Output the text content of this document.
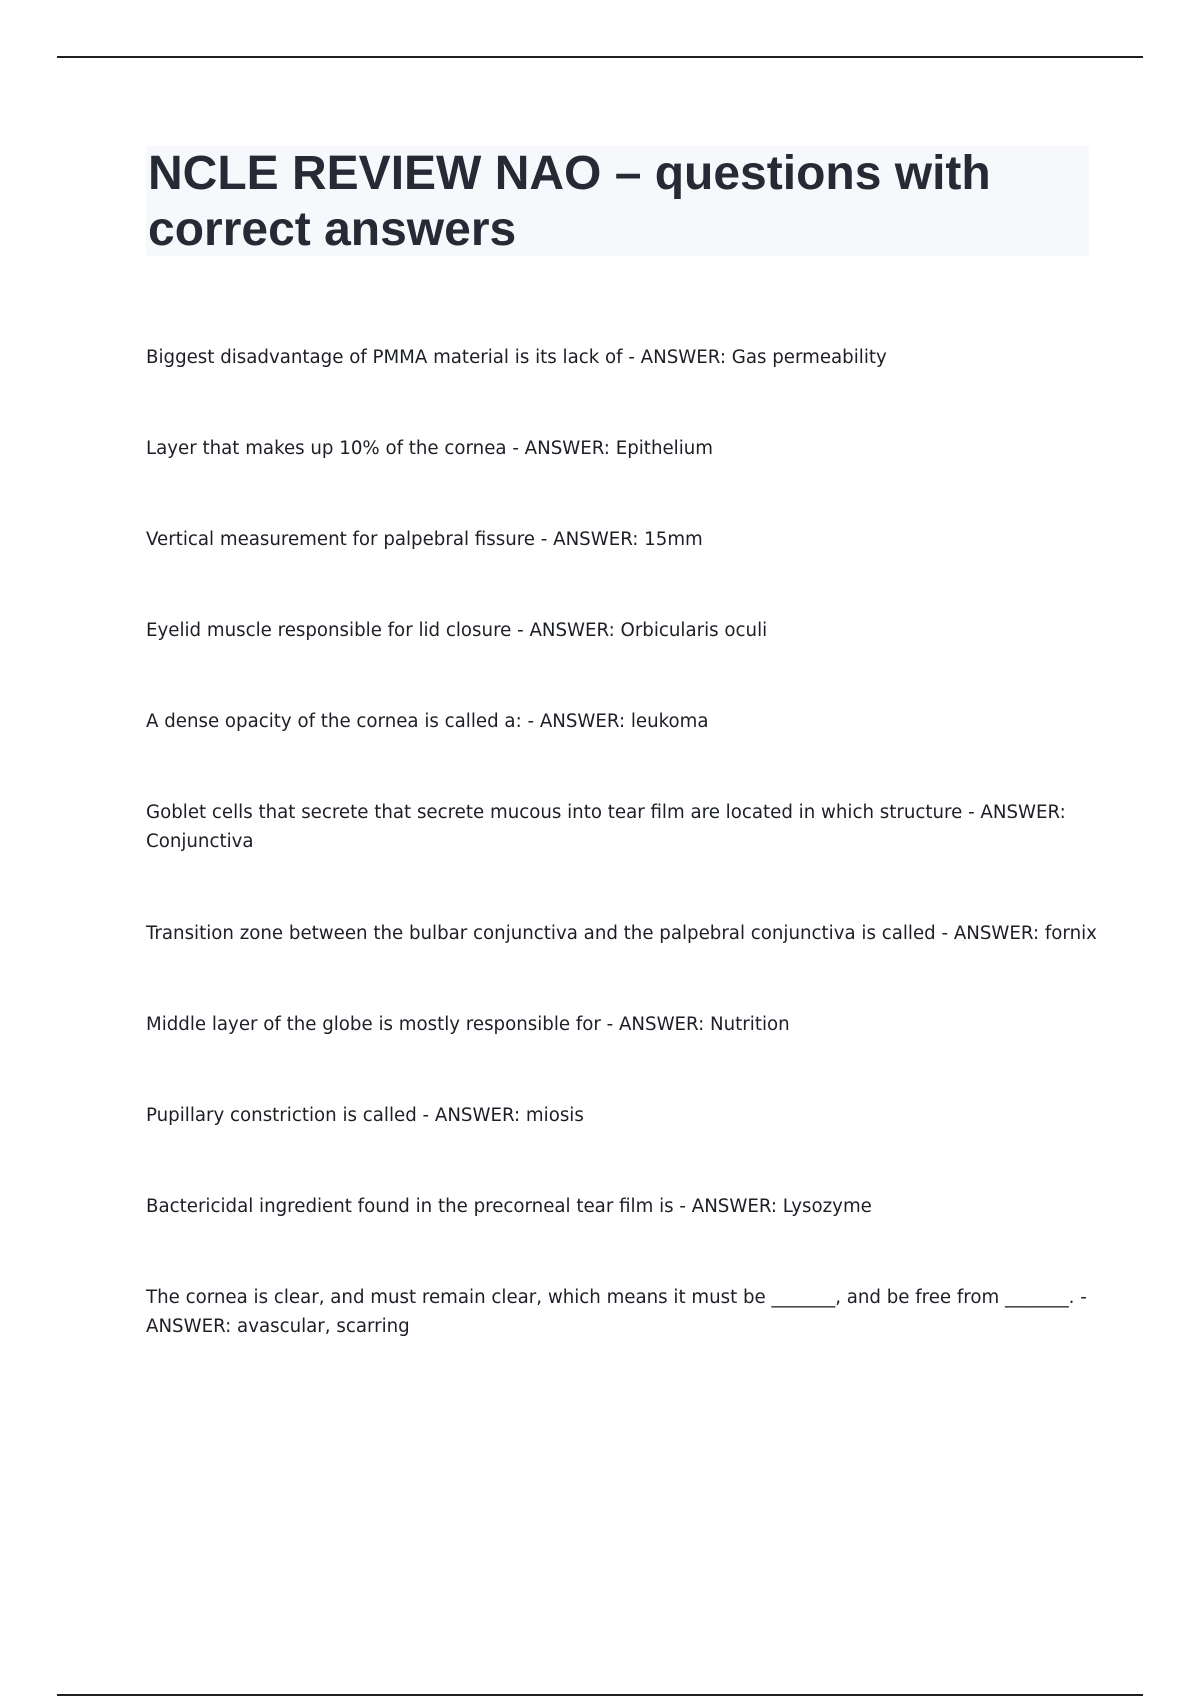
NCLE REVIEW NAO – questions with correct answers
Biggest disadvantage of PMMA material is its lack of - ANSWER: Gas permeability
Layer that makes up 10% of the cornea - ANSWER: Epithelium
Vertical measurement for palpebral fissure - ANSWER: 15mm
Eyelid muscle responsible for lid closure - ANSWER: Orbicularis oculi
A dense opacity of the cornea is called a: - ANSWER: leukoma
Goblet cells that secrete that secrete mucous into tear film are located in which structure - ANSWER:
Conjunctiva
Transition zone between the bulbar conjunctiva and the palpebral conjunctiva is called - ANSWER: fornix
Middle layer of the globe is mostly responsible for - ANSWER: Nutrition
Pupillary constriction is called - ANSWER: miosis
Bactericidal ingredient found in the precorneal tear film is - ANSWER: Lysozyme
The cornea is clear, and must remain clear, which means it must be _______, and be free from _______. -
ANSWER: avascular, scarring
